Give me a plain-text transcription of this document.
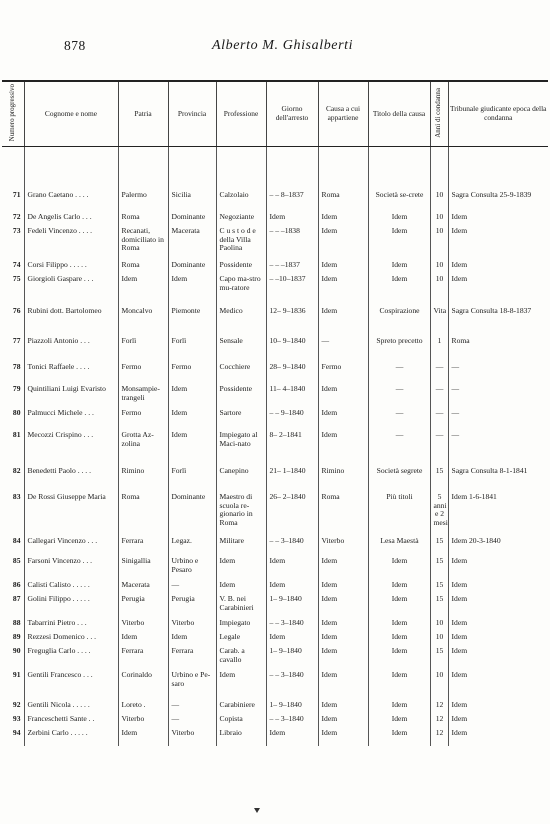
878	Alberto M. Ghisalberti
Numero progressivo	Cognome e nome	Patria	Provincia	Professione	Giorno dell'arresto	Causa a cui appartiene	Titolo della causa	Anni di condanna	Tribunale giudicante epoca della condanna

71	Grano Caetano . . . .	Palermo	Sicilia	Calzolaio	– – 8–1837	Roma	Società se-crete	10	Sagra Consulta 25-9-1839
72	De Angelis Carlo . . .	Roma	Dominante	Negoziante	Idem	Idem	Idem	10	Idem
73	Fedeli Vincenzo . . . .	Recanati, domiciliato in Roma	Macerata	C u s t o d e della Villa Paolina	– – –1838	Idem	Idem	10	Idem
74	Corsi Filippo . . . . .	Roma	Dominante	Possidente	– – –1837	Idem	Idem	10	Idem
75	Giorgioli Gaspare . . .	Idem	Idem	Capo ma-stro mu-ratore	– –10–1837	Idem	Idem	10	Idem
76	Rubini dott. Bartolomeo	Moncalvo	Piemonte	Medico	12– 9–1836	Idem	Cospirazione	Vita	Sagra Consulta 18-8-1837
77	Piazzoli Antonio . . .	Forlì	Forlì	Sensale	10– 9–1840	—	Spreto precetto	1	Roma
78	Tonici Raffaele . . . .	Fermo	Fermo	Cocchiere	28– 9–1840	Fermo	—	—	—
79	Quintiliani Luigi Evaristo	Monsampie-trangeli	Idem	Possidente	11– 4–1840	Idem	—	—	—
80	Palmucci Michele . . .	Fermo	Idem	Sartore	– – 9–1840	Idem	—	—	—
81	Mecozzi Crispino . . .	Grotta Az-zolina	Idem	Impiegato al Maci-nato	8– 2–1841	Idem	—	—	—
82	Benedetti Paolo . . . .	Rimino	Forlì	Canepino	21– 1–1840	Rimino	Società segrete	15	Sagra Consulta 8-1-1841
83	De Rossi Giuseppe Maria	Roma	Dominante	Maestro di scuola re-gionario in Roma	26– 2–1840	Roma	Più titoli	5 anni e 2 mesi	Idem 1-6-1841
84	Callegari Vincenzo . . .	Ferrara	Legaz.	Militare	– – 3–1840	Viterbo	Lesa Maestà	15	Idem 20-3-1840
85	Farsoni Vincenzo . . .	Sinigallia	Urbino e Pesaro	Idem	Idem	Idem	Idem	15	Idem
86	Calisti Calisto . . . . .	Macerata	—	Idem	Idem	Idem	Idem	15	Idem
87	Golini Filippo . . . . .	Perugia	Perugia	V. B. nei Carabinieri	1– 9–1840	Idem	Idem	15	Idem
88	Tabarrini Pietro . . .	Viterbo	Viterbo	Impiegato	– – 3–1840	Idem	Idem	10	Idem
89	Rezzesi Domenico . . .	Idem	Idem	Legale	Idem	Idem	Idem	10	Idem
90	Freguglia Carlo . . . .	Ferrara	Ferrara	Carab. a cavallo	1– 9–1840	Idem	Idem	15	Idem
91	Gentili Francesco . . .	Corinaldo	Urbino e Pe-saro	Idem	– – 3–1840	Idem	Idem	10	Idem
92	Gentili Nicola . . . . .	Loreto .	—	Carabiniere	1– 9–1840	Idem	Idem	12	Idem
93	Franceschetti Sante . .	Viterbo	—	Copista	– – 3–1840	Idem	Idem	12	Idem
94	Zerbini Carlo . . . . .	Idem	Viterbo	Libraio	Idem	Idem	Idem	12	Idem
